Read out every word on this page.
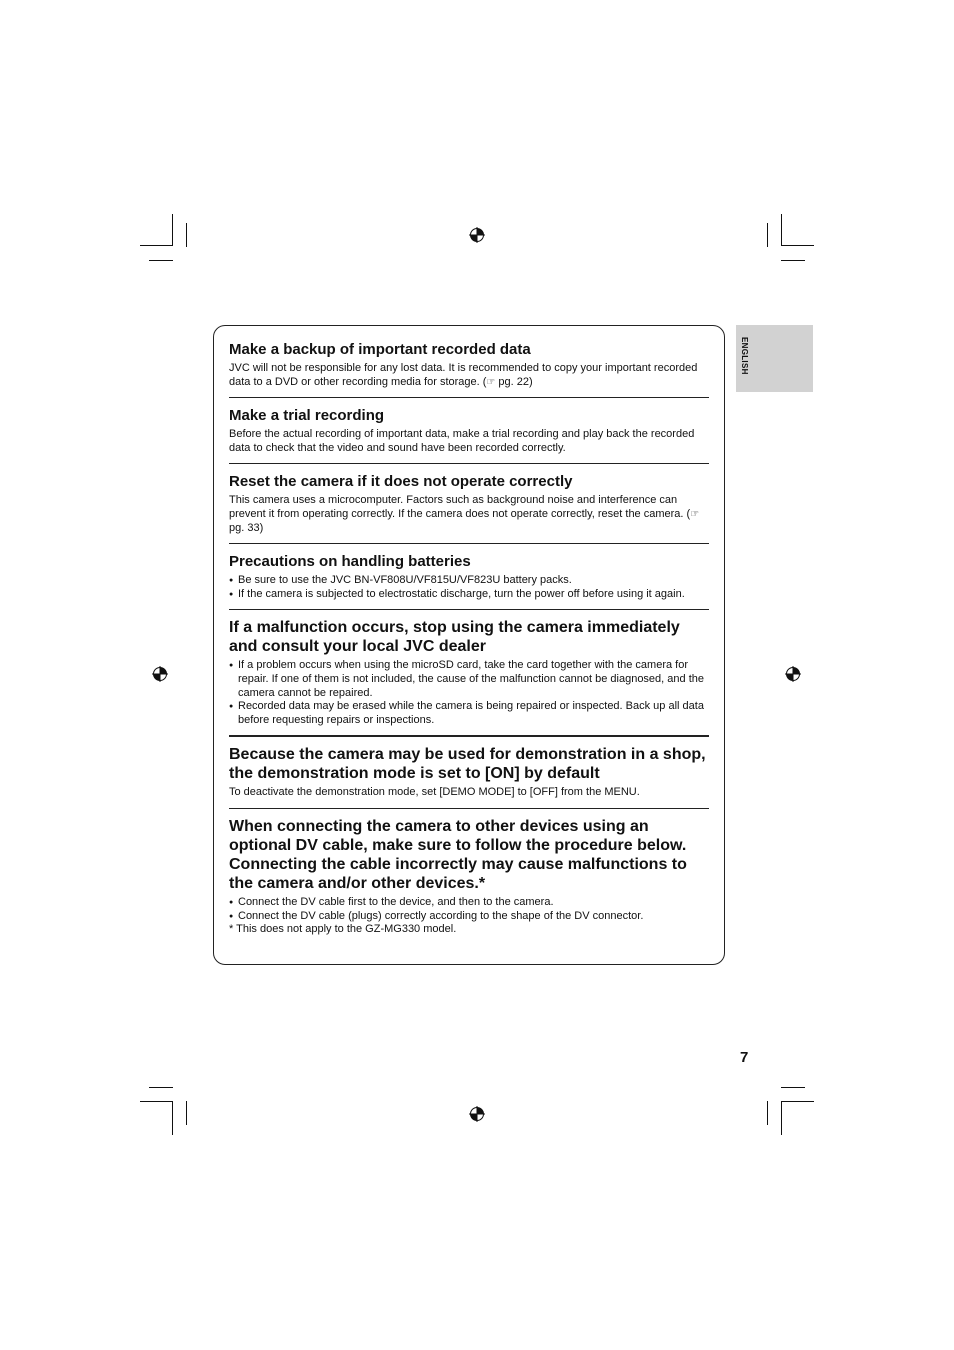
ENGLISH
Make a backup of important recorded data

JVC will not be responsible for any lost data. It is recommended to copy your important recorded data to a DVD or other recording media for storage. (☞ pg. 22)

Make a trial recording

Before the actual recording of important data, make a trial recording and play back the recorded data to check that the video and sound have been recorded correctly.

Reset the camera if it does not operate correctly

This camera uses a microcomputer. Factors such as background noise and interference can prevent it from operating correctly. If the camera does not operate correctly, reset the camera. (☞ pg. 33)

Precautions on handling batteries
● Be sure to use the JVC BN-VF808U/VF815U/VF823U battery packs.
● If the camera is subjected to electrostatic discharge, turn the power off before using it again.
If a malfunction occurs, stop using the camera immediately and consult your local JVC dealer
● If a problem occurs when using the microSD card, take the card together with the camera for repair. If one of them is not included, the cause of the malfunction cannot be diagnosed, and the camera cannot be repaired.
● Recorded data may be erased while the camera is being repaired or inspected. Back up all data before requesting repairs or inspections.
Because the camera may be used for demonstration in a shop, the demonstration mode is set to [ON] by default

To deactivate the demonstration mode, set [DEMO MODE] to [OFF] from the MENU.

When connecting the camera to other devices using an optional DV cable, make sure to follow the procedure below. Connecting the cable incorrectly may cause malfunctions to the camera and/or other devices.*
● Connect the DV cable first to the device, and then to the camera.
● Connect the DV cable (plugs) correctly according to the shape of the DV connector.

* This does not apply to the GZ-MG330 model.

7
